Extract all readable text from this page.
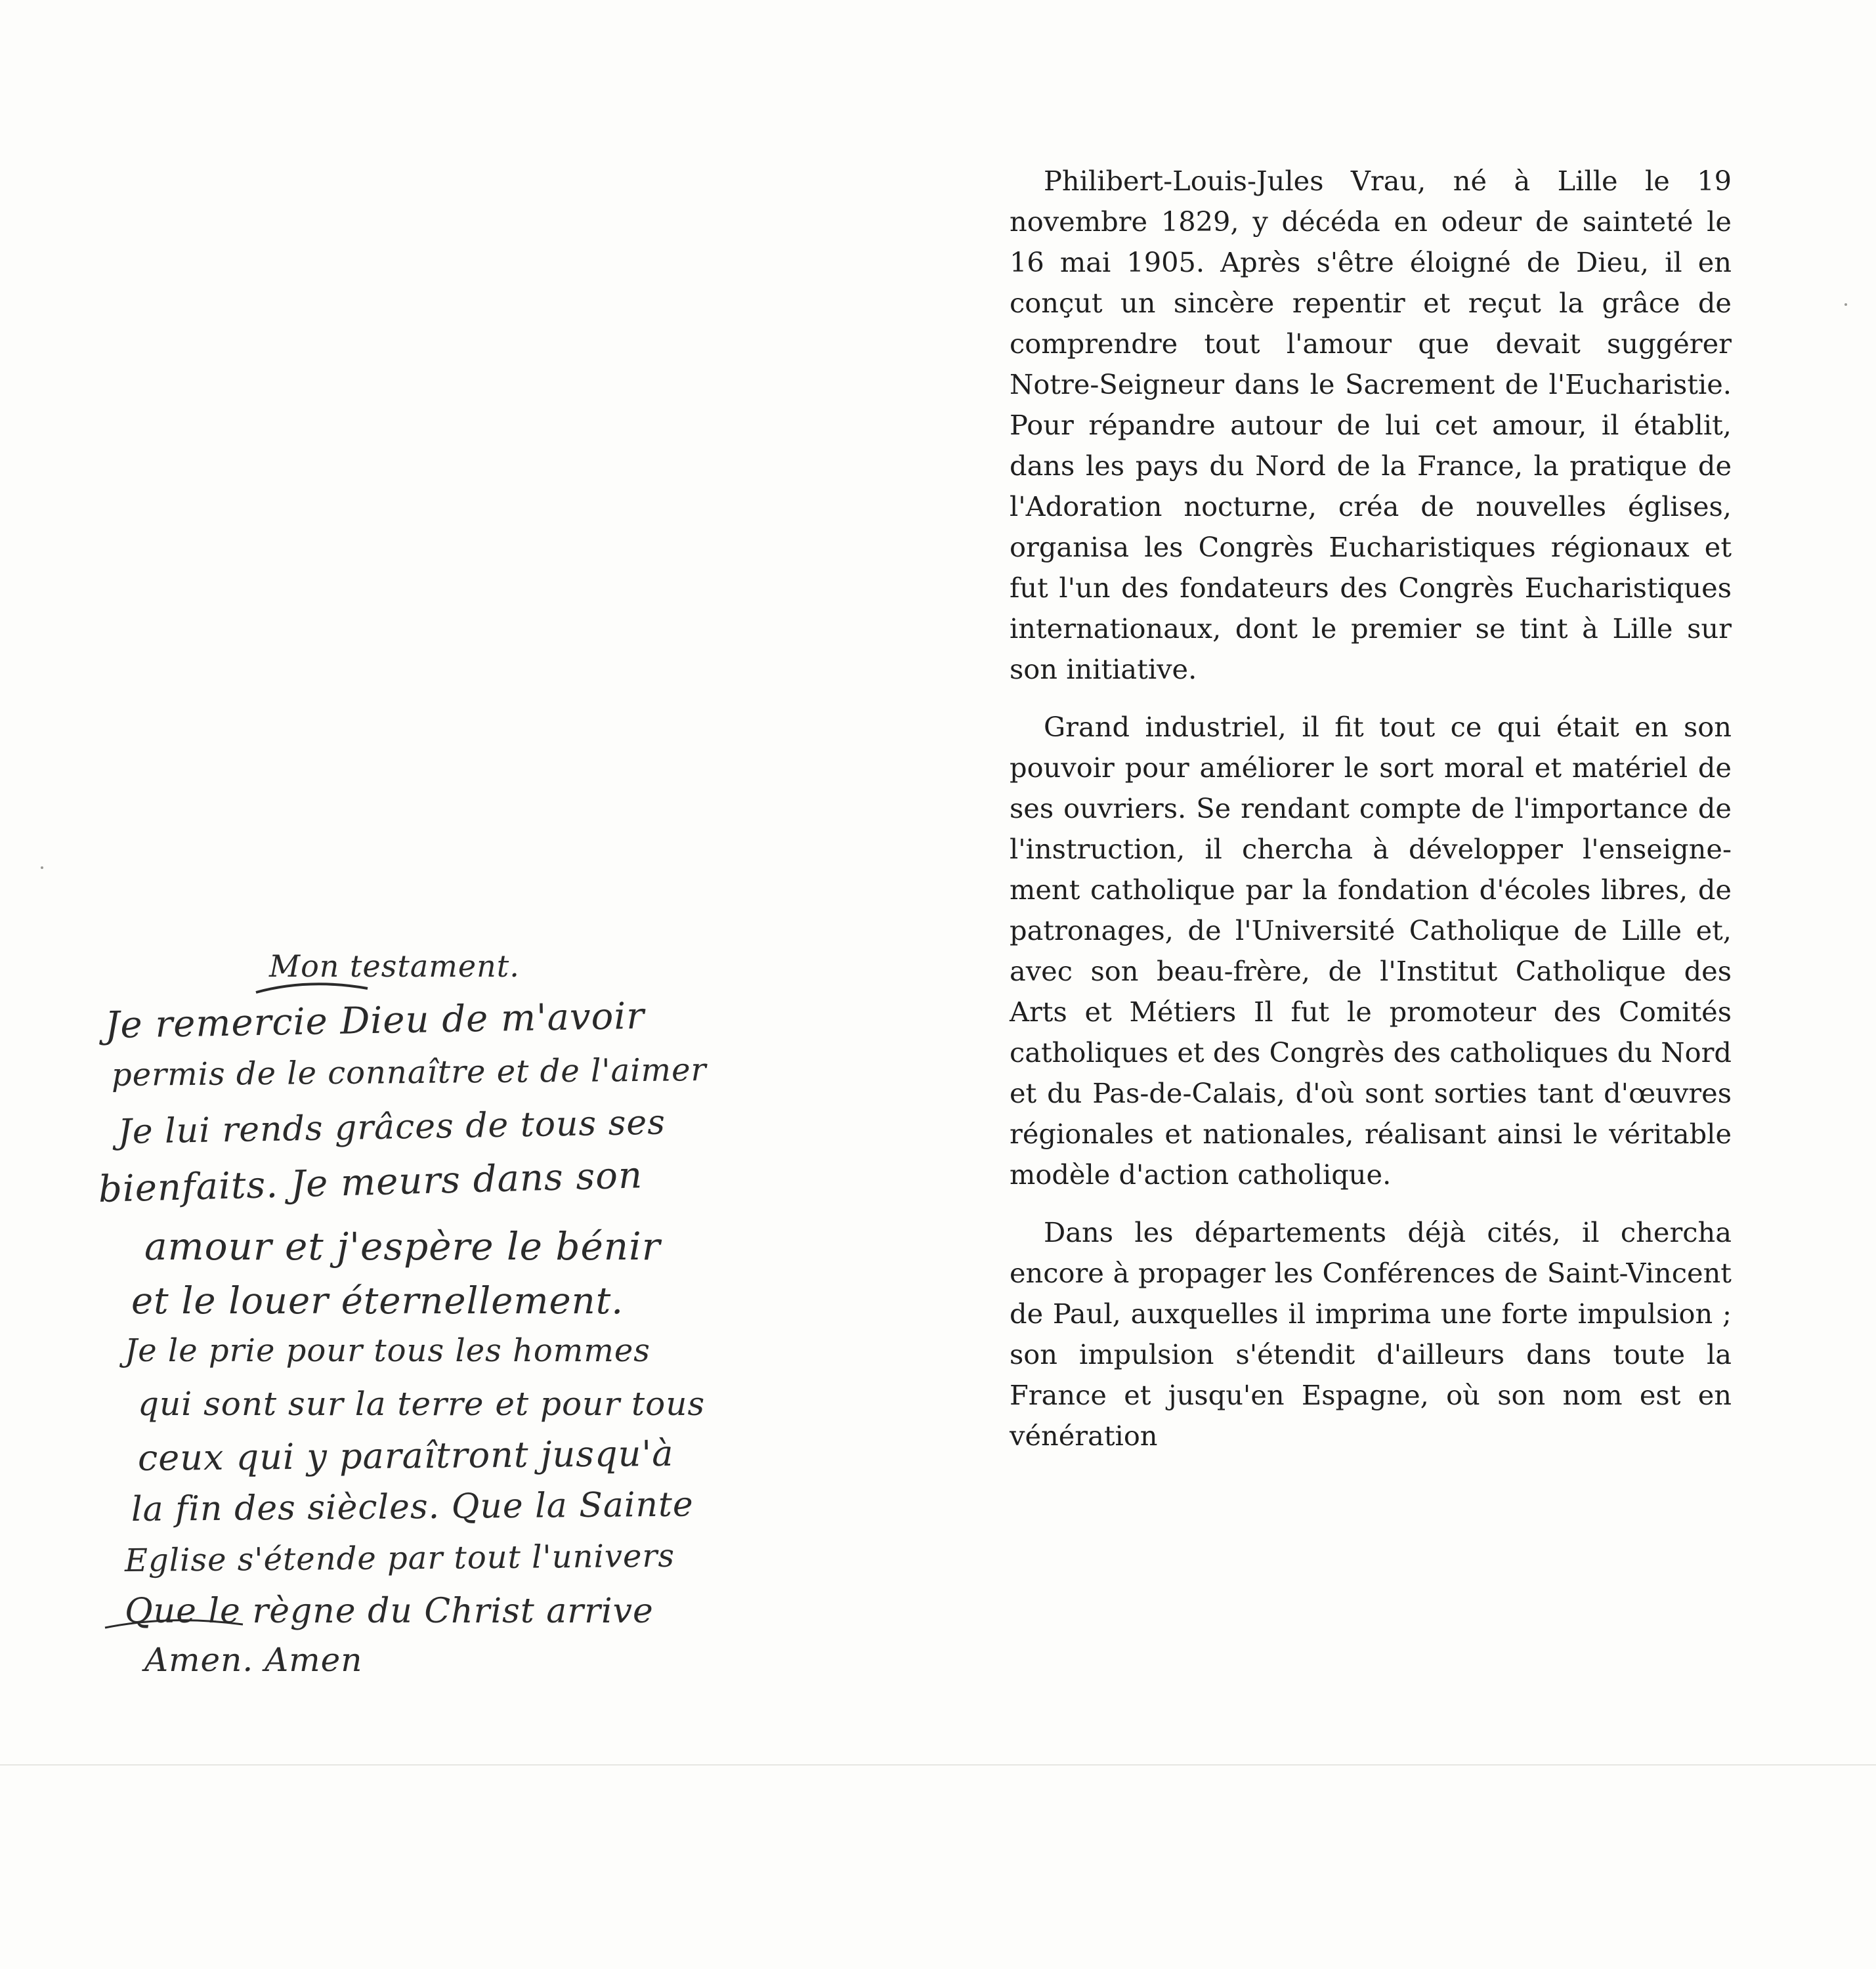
Mon testament.
Je remercie Dieu de m'avoir
permis de le connaître et de l'aimer
Je lui rends grâces de tous ses
bienfaits. Je meurs dans son
amour et j'espère le bénir
et le louer éternellement.
Je le prie pour tous les hommes
qui sont sur la terre et pour tous
ceux qui y paraîtront jusqu'à
la fin des siècles. Que la Sainte
Eglise s'étende par tout l'univers
Que le règne du Christ arrive
Amen. Amen

Philibert-Louis-Jules Vrau, né à Lille le 19 novembre 1829, y décéda en odeur de sainteté le 16 mai 1905. Après s'être éloigné de Dieu, il en conçut un sincère repentir et reçut la grâce de comprendre tout l'amour que devait suggérer Notre-Seigneur dans le Sacrement de l'Eucharistie. Pour répandre autour de lui cet amour, il établit, dans les pays du Nord de la France, la pratique de l'Adoration nocturne, créa de nouvelles églises, organisa les Congrès Eucharistiques régionaux et fut l'un des fondateurs des Congrès Eucharistiques internationaux, dont le premier se tint à Lille sur son initiative.

Grand industriel, il fit tout ce qui était en son pouvoir pour améliorer le sort moral et matériel de ses ouvriers. Se rendant compte de l'importance de l'instruction, il chercha à développer l'enseignement catholique par la fondation d'écoles libres, de patronages, de l'Université Catholique de Lille et, avec son beau-frère, de l'Institut Catholique des Arts et Métiers Il fut le promoteur des Comités catholiques et des Congrès des catholiques du Nord et du Pas-de-Calais, d'où sont sorties tant d'œuvres régionales et nationales, réalisant ainsi le véritable modèle d'action catholique.

Dans les départements déjà cités, il chercha encore à propager les Conférences de Saint-Vincent de Paul, auxquelles il imprima une forte impulsion ; son impulsion s'étendit d'ailleurs dans toute la France et jusqu'en Espagne, où son nom est en vénération
